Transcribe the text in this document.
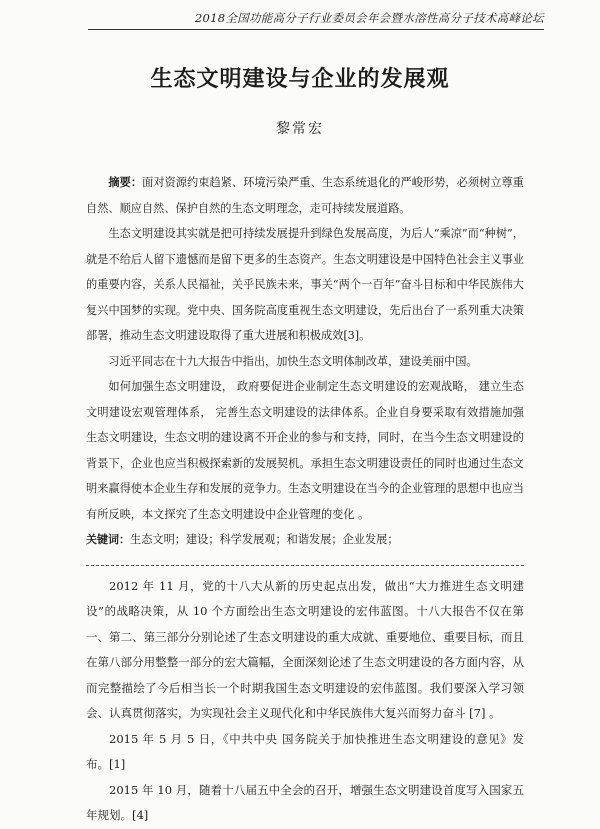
2018全国功能高分子行业委员会年会暨水溶性高分子技术高峰论坛
生态文明建设与企业的发展观
黎常宏

摘要：面对资源约束趋紧、环境污染严重、生态系统退化的严峻形势，必须树立尊重自然、顺应自然、保护自然的生态文明理念，走可持续发展道路。

生态文明建设其实就是把可持续发展提升到绿色发展高度，为后人“乘凉”而“种树”，就是不给后人留下遗憾而是留下更多的生态资产。生态文明建设是中国特色社会主义事业的重要内容，关系人民福祉，关乎民族未来，事关“两个一百年”奋斗目标和中华民族伟大复兴中国梦的实现。党中央、国务院高度重视生态文明建设，先后出台了一系列重大决策部署，推动生态文明建设取得了重大进展和积极成效[3]。

习近平同志在十九大报告中指出，加快生态文明体制改革，建设美丽中国。

如何加强生态文明建设， 政府要促进企业制定生态文明建设的宏观战略， 建立生态文明建设宏观管理体系， 完善生态文明建设的法律体系。企业自身要采取有效措施加强生态文明建设，生态文明的建设离不开企业的参与和支持，同时，在当今生态文明建设的背景下，企业也应当积极探索新的发展契机。承担生态文明建设责任的同时也通过生态文明来赢得使本企业生存和发展的竞争力。生态文明建设在当今的企业管理的思想中也应当有所反映，本文探究了生态文明建设中企业管理的变化 。

关键词：生态文明；建设；科学发展观；和谐发展；企业发展；

2012 年 11 月，党的十八大从新的历史起点出发，做出“大力推进生态文明建设”的战略决策，从 10 个方面绘出生态文明建设的宏伟蓝图。十八大报告不仅在第一、第二、第三部分分别论述了生态文明建设的重大成就、重要地位、重要目标，而且在第八部分用整整一部分的宏大篇幅，全面深刻论述了生态文明建设的各方面内容，从而完整描绘了今后相当长一个时期我国生态文明建设的宏伟蓝图。我们要深入学习领会、认真贯彻落实，为实现社会主义现代化和中华民族伟大复兴而努力奋斗 [7] 。

2015 年 5 月 5 日，《中共中央 国务院关于加快推进生态文明建设的意见》发布。[1]

2015 年 10 月，随着十八届五中全会的召开，增强生态文明建设首度写入国家五年规划。[4]
